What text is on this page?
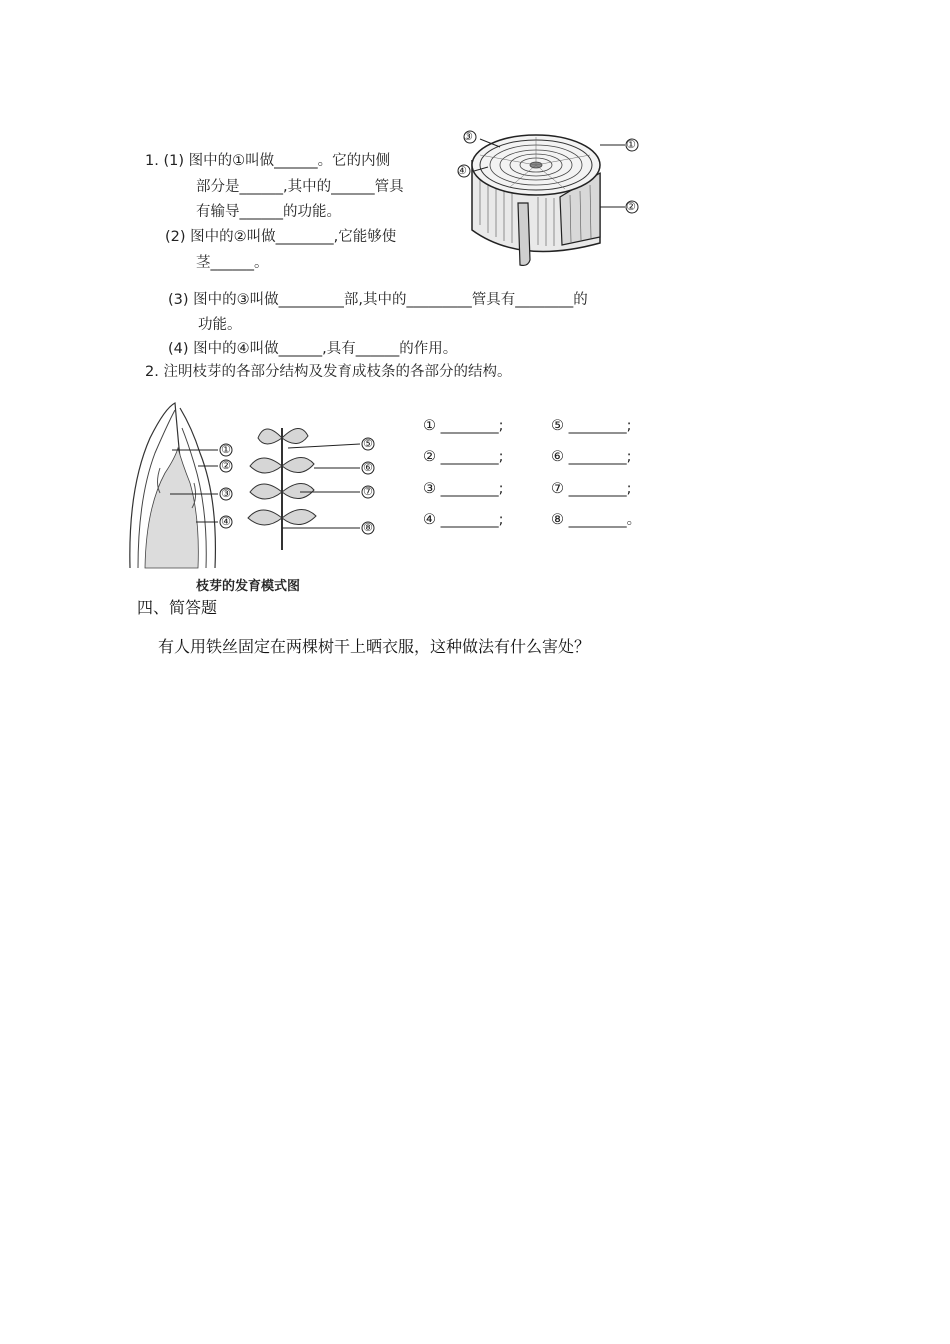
1. (1) 图中的①叫做______。它的内侧
部分是______,其中的______管具
有输导______的功能。
(2) 图中的②叫做________,它能够使
茎______。
(3) 图中的③叫做_________部,其中的_________管具有________的
功能。
(4) 图中的④叫做______,具有______的作用。
③
④
①
②
2. 注明枝芽的各部分结构及发育成枝条的各部分的结构。
①
②
③
④
⑤
⑥
⑦
⑧
枝芽的发育模式图
① ________;
② ________;
③ ________;
④ ________;
⑤ ________;
⑥ ________;
⑦ ________;
⑧ ________。
四、简答题
有人用铁丝固定在两棵树干上晒衣服，这种做法有什么害处？
